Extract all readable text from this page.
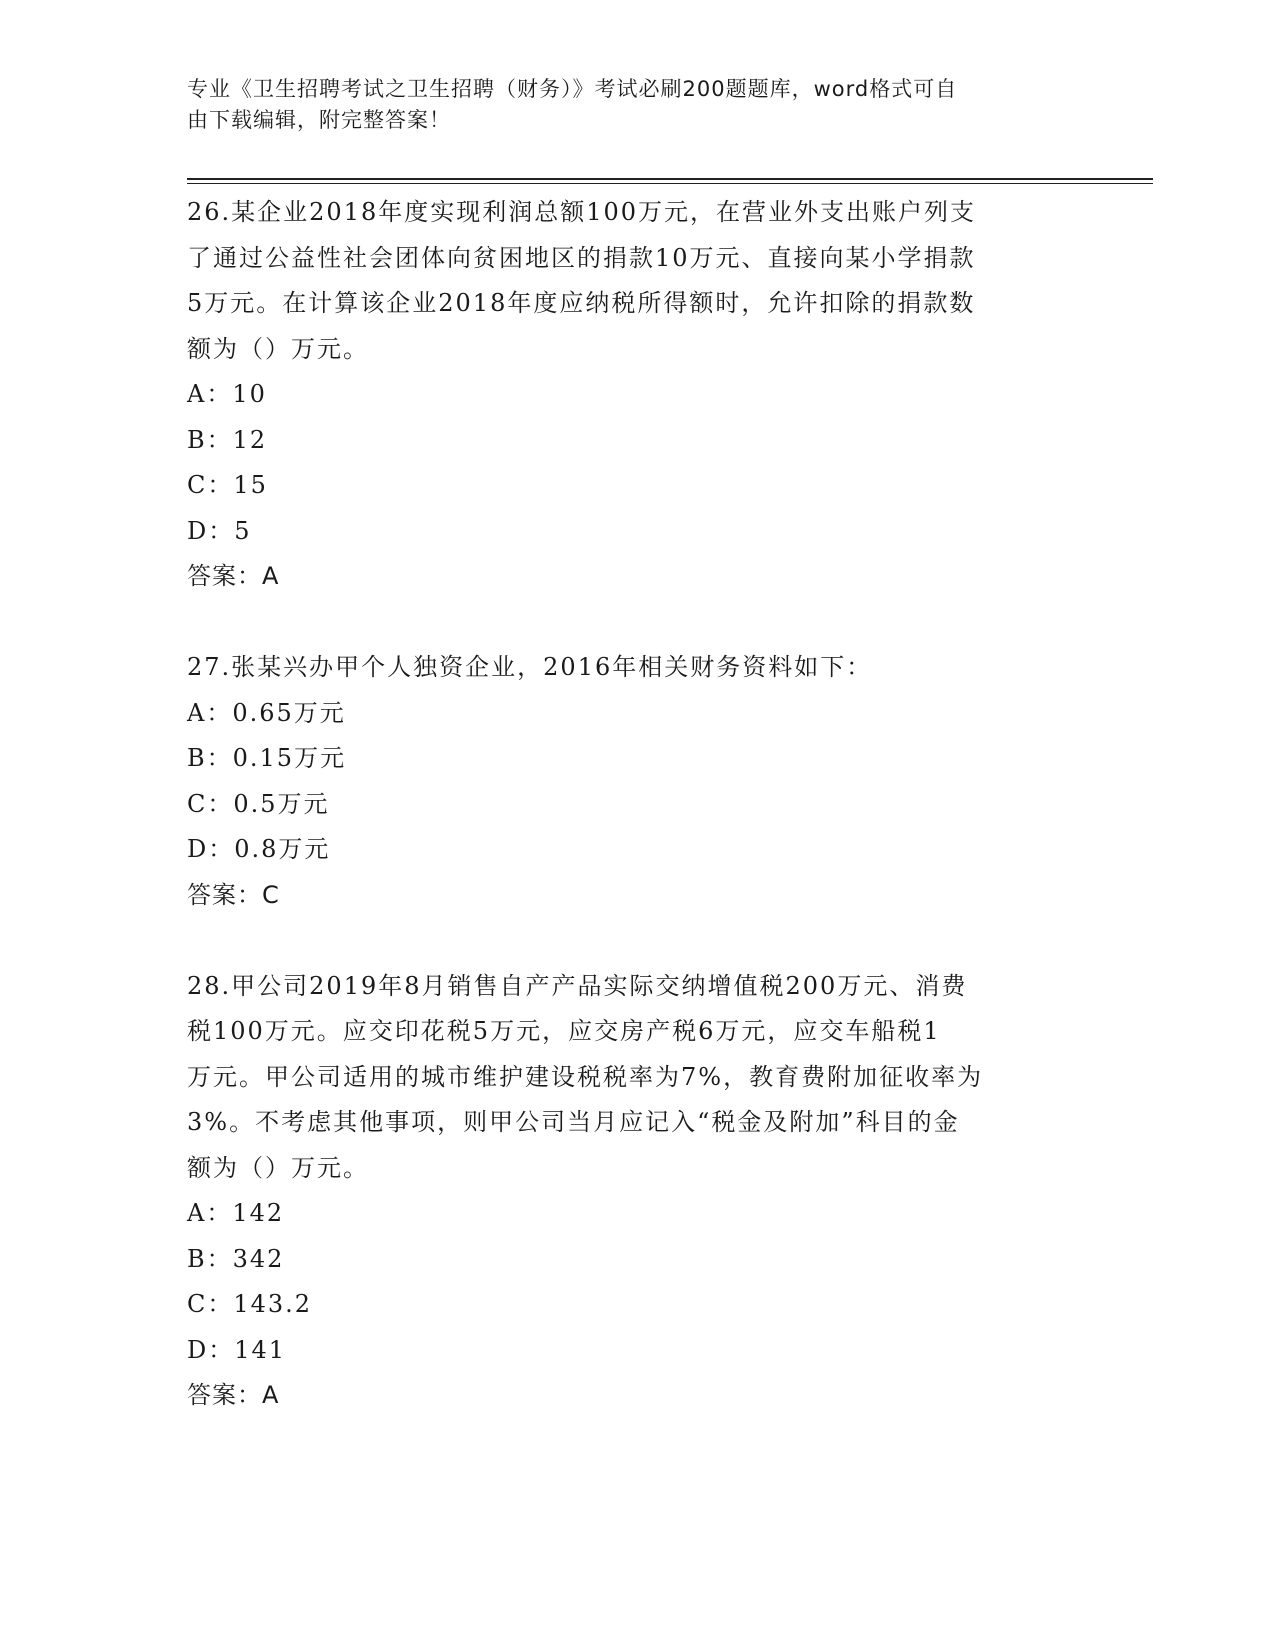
专业《卫生招聘考试之卫生招聘（财务）》考试必刷200题题库，word格式可自
由下载编辑，附完整答案！

26.某企业2018年度实现利润总额100万元，在营业外支出账户列支

了通过公益性社会团体向贫困地区的捐款10万元、直接向某小学捐款

5万元。在计算该企业2018年度应纳税所得额时，允许扣除的捐款数

额为（）万元。

A：10

B：12

C：15

D：5

答案：A

27.张某兴办甲个人独资企业，2016年相关财务资料如下：

A：0.65万元

B：0.15万元

C：0.5万元

D：0.8万元

答案：C

28.甲公司2019年8月销售自产产品实际交纳增值税200万元、消费

税100万元。应交印花税5万元，应交房产税6万元，应交车船税1

万元。甲公司适用的城市维护建设税税率为7%，教育费附加征收率为

3%。不考虑其他事项，则甲公司当月应记入“税金及附加”科目的金

额为（）万元。

A：142

B：342

C：143.2

D：141

答案：A
